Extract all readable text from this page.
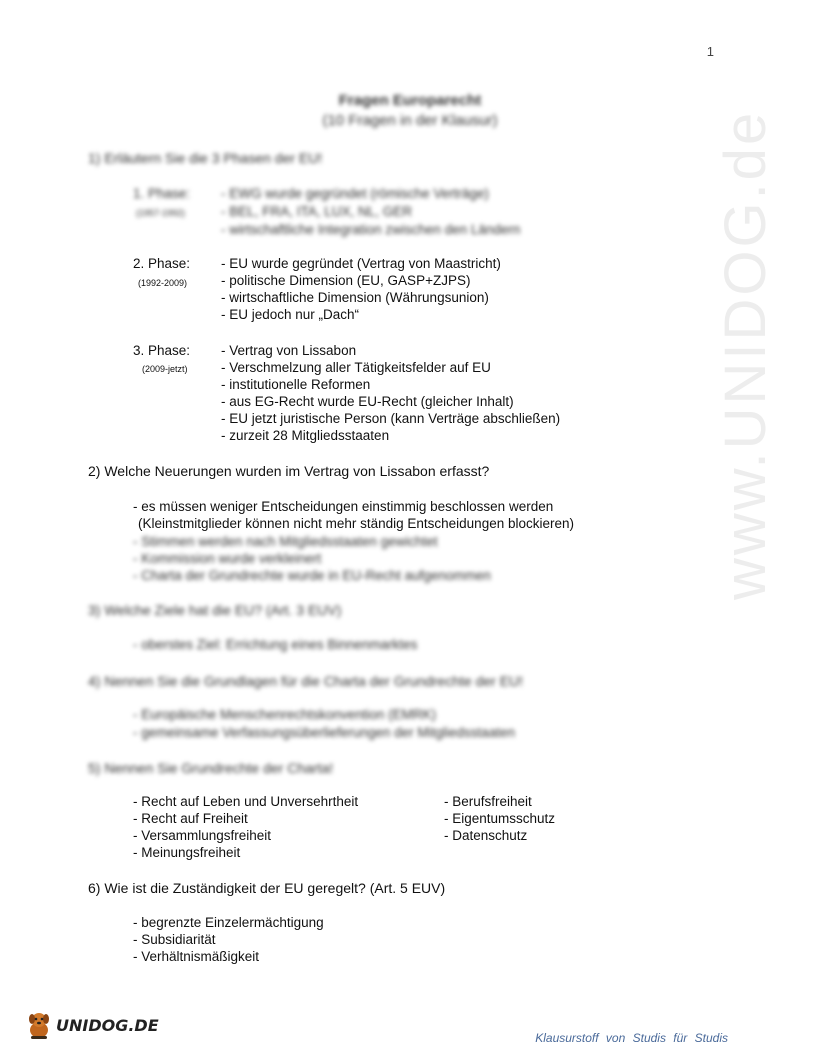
www.UNIDOG.de
1
Fragen Europarecht
(10 Fragen in der Klausur)
1) Erläutern Sie die 3 Phasen der EU!
1. Phase:
(1957-1992)
- EWG wurde gegründet (römische Verträge)
- BEL, FRA, ITA, LUX, NL, GER
- wirtschaftliche Integration zwischen den Ländern
2. Phase:
(1992-2009)
- EU wurde gegründet (Vertrag von Maastricht)
- politische Dimension (EU, GASP+ZJPS)
- wirtschaftliche Dimension (Währungsunion)
- EU jedoch nur „Dach“
3. Phase:
(2009-jetzt)
- Vertrag von Lissabon
- Verschmelzung aller Tätigkeitsfelder auf EU
- institutionelle Reformen
- aus EG-Recht wurde EU-Recht (gleicher Inhalt)
- EU jetzt juristische Person (kann Verträge abschließen)
- zurzeit 28 Mitgliedsstaaten
2) Welche Neuerungen wurden im Vertrag von Lissabon erfasst?
- es müssen weniger Entscheidungen einstimmig beschlossen werden
(Kleinstmitglieder können nicht mehr ständig Entscheidungen blockieren)
- Stimmen werden nach Mitgliedsstaaten gewichtet
- Kommission wurde verkleinert
- Charta der Grundrechte wurde in EU-Recht aufgenommen
3) Welche Ziele hat die EU? (Art. 3 EUV)
- oberstes Ziel: Errichtung eines Binnenmarktes
4) Nennen Sie die Grundlagen für die Charta der Grundrechte der EU!
- Europäische Menschenrechtskonvention (EMRK)
- gemeinsame Verfassungsüberlieferungen der Mitgliedsstaaten
5) Nennen Sie Grundrechte der Charta!
- Recht auf Leben und Unversehrtheit
- Recht auf Freiheit
- Versammlungsfreiheit
- Meinungsfreiheit
- Berufsfreiheit
- Eigentumsschutz
- Datenschutz
6) Wie ist die Zuständigkeit der EU geregelt? (Art. 5 EUV)
- begrenzte Einzelermächtigung
- Subsidiarität
- Verhältnismäßigkeit
UNIDOG.DE
Klausurstoff von Studis für Studis
